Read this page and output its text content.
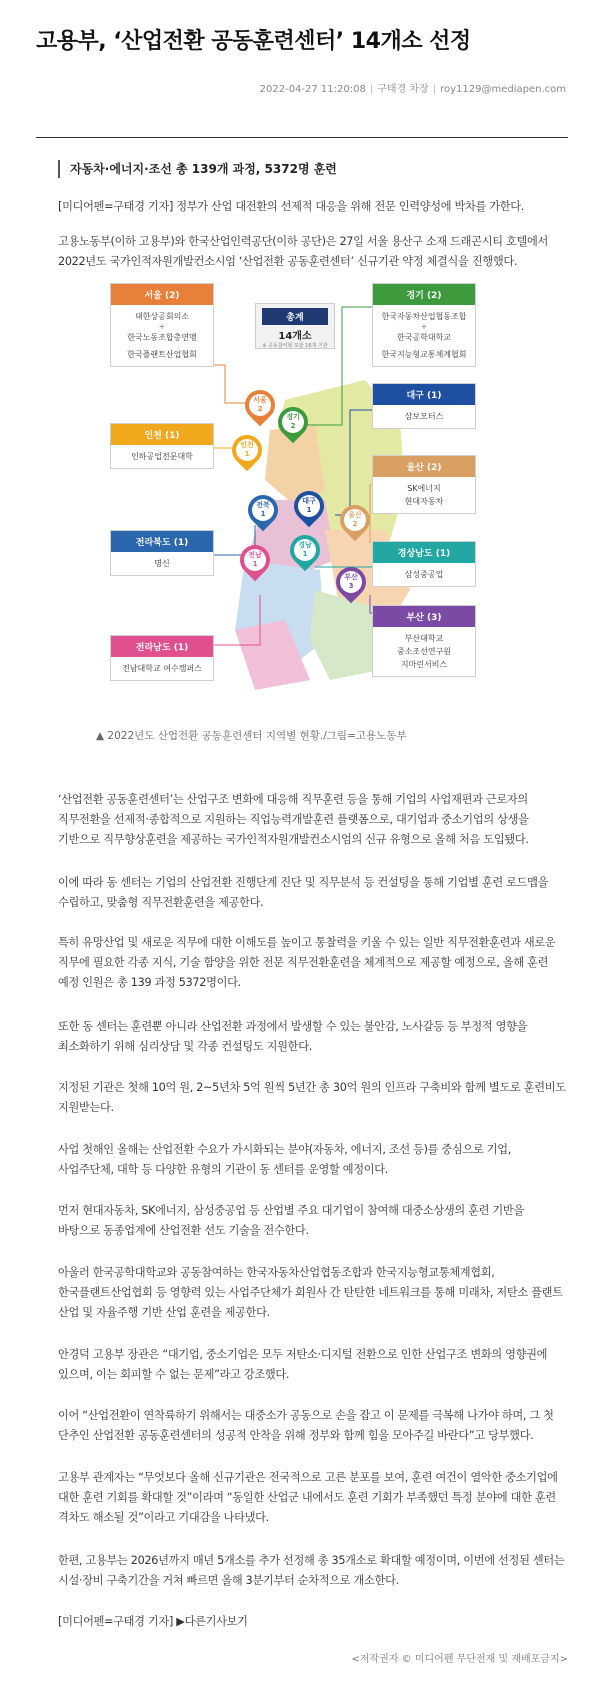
고용부, ‘산업전환 공동훈련센터’ 14개소 선정
2022-04-27 11:20:08 | 구태경 차장 | roy1129@mediapen.com
자동차·에너지·조선 총 139개 과정, 5372명 훈련

[미디어펜=구태경 기자] 정부가 산업 대전환의 선제적 대응을 위해 전문 인력양성에 박차를 가한다.

고용노동부(이하 고용부)와 한국산업인력공단(이하 공단)은 27일 서울 용산구 소재 드래곤시티 호텔에서 2022년도 국가인적자원개발컨소시엄 ‘산업전환 공동훈련센터’ 신규기관 약정 체결식을 진행했다.

총계
14개소
※ 공동참여형 포함 16개 기관
서울 (2)
대한상공회의소
+
한국노동조합총연맹
한국플랜트산업협회
경기 (2)
한국자동차산업협동조합
+
한국공학대학교
한국지능형교통체계협회
인천 (1)
인하공업전문대학
대구 (1)
삼보모터스
울산 (2)
SK에너지
현대자동차
전라북도 (1)
명신
경상남도 (1)
삼성중공업
부산 (3)
부산대학교
중소조선연구원
지마린서비스
전라남도 (1)
전남대학교 여수캠퍼스
서울
2
경기
2
인천
1
전북
1
대구
1
울산
2
전남
1
경남
1
부산
3
▲ 2022년도 산업전환 공동훈련센터 지역별 현황./그림=고용노동부

‘산업전환 공동훈련센터’는 산업구조 변화에 대응해 직무훈련 등을 통해 기업의 사업재편과 근로자의 직무전환을 선제적·종합적으로 지원하는 직업능력개발훈련 플랫폼으로, 대기업과 중소기업의 상생을 기반으로 직무향상훈련을 제공하는 국가인적자원개발컨소시엄의 신규 유형으로 올해 처음 도입됐다.

이에 따라 동 센터는 기업의 산업전환 진행단계 진단 및 직무분석 등 컨설팅을 통해 기업별 훈련 로드맵을 수립하고, 맞춤형 직무전환훈련을 제공한다.

특히 유망산업 및 새로운 직무에 대한 이해도를 높이고 통찰력을 키울 수 있는 일반 직무전환훈련과 새로운 직무에 필요한 각종 지식, 기술 함양을 위한 전문 직무전환훈련을 체계적으로 제공할 예정으로, 올해 훈련 예정 인원은 총 139 과정 5372명이다.

또한 동 센터는 훈련뿐 아니라 산업전환 과정에서 발생할 수 있는 불안감, 노사갈등 등 부정적 영향을 최소화하기 위해 심리상담 및 각종 컨설팅도 지원한다.

지정된 기관은 첫해 10억 원, 2~5년차 5억 원씩 5년간 총 30억 원의 인프라 구축비와 함께 별도로 훈련비도 지원받는다.

사업 첫해인 올해는 산업전환 수요가 가시화되는 분야(자동차, 에너지, 조선 등)를 중심으로 기업, 사업주단체, 대학 등 다양한 유형의 기관이 동 센터를 운영할 예정이다.

먼저 현대자동차, SK에너지, 삼성중공업 등 산업별 주요 대기업이 참여해 대중소상생의 훈련 기반을 바탕으로 동종업계에 산업전환 선도 기술을 전수한다.

아울러 한국공학대학교와 공동참여하는 한국자동차산업협동조합과 한국지능형교통체계협회, 한국플랜트산업협회 등 영향력 있는 사업주단체가 회원사 간 탄탄한 네트워크를 통해 미래차, 저탄소 플랜트 산업 및 자율주행 기반 산업 훈련을 제공한다.

안경덕 고용부 장관은 “대기업, 중소기업은 모두 저탄소·디지털 전환으로 인한 산업구조 변화의 영향권에 있으며, 이는 회피할 수 없는 문제”라고 강조했다.

이어 “산업전환이 연착륙하기 위해서는 대중소가 공동으로 손을 잡고 이 문제를 극복해 나가야 하며, 그 첫 단추인 산업전환 공동훈련센터의 성공적 안착을 위해 정부와 함께 힘을 모아주길 바란다”고 당부했다.

고용부 관계자는 “무엇보다 올해 신규기관은 전국적으로 고른 분포를 보여, 훈련 여건이 열악한 중소기업에 대한 훈련 기회를 확대할 것”이라며 “동일한 산업군 내에서도 훈련 기회가 부족했던 특정 분야에 대한 훈련 격차도 해소될 것”이라고 기대감을 나타냈다.

한편, 고용부는 2026년까지 매년 5개소를 추가 선정해 총 35개소로 확대할 예정이며, 이번에 선정된 센터는 시설·장비 구축기간을 거쳐 빠르면 올해 3분기부터 순차적으로 개소한다.

[미디어펜=구태경 기자] ▶다른기사보기

<저작권자 © 미디어펜 무단전재 및 재배포금지>
